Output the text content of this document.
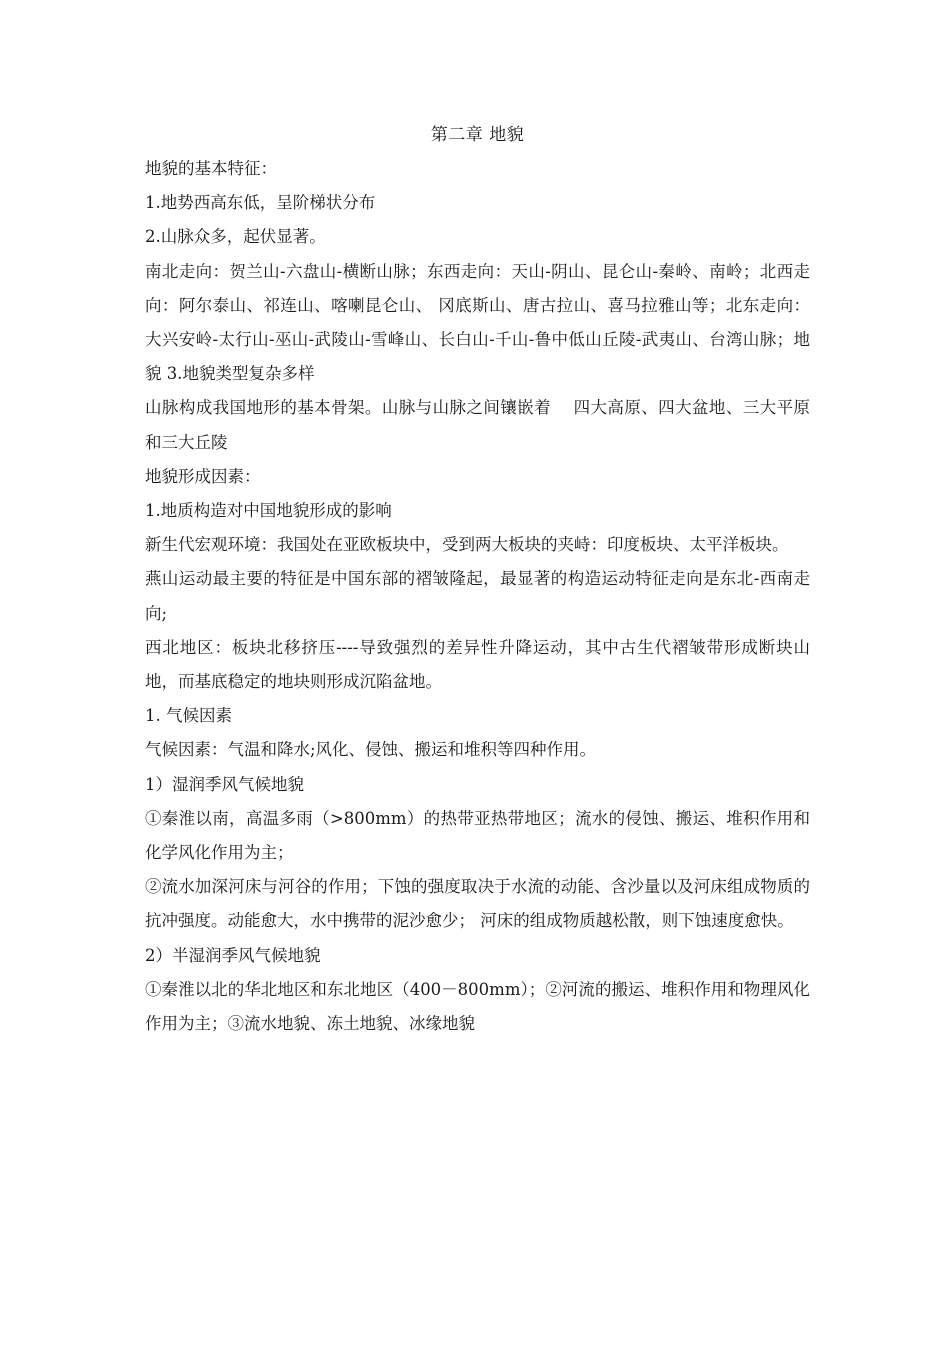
第二章 地貌

地貌的基本特征：

1.地势西高东低，呈阶梯状分布

2.山脉众多，起伏显著。

南北走向：贺兰山-六盘山-横断山脉；东西走向：天山-阴山、昆仑山-秦岭、南岭；北西走向：阿尔泰山、祁连山、喀喇昆仑山、 冈底斯山、唐古拉山、喜马拉雅山等；北东走向：大兴安岭-太行山-巫山-武陵山-雪峰山、长白山-千山-鲁中低山丘陵-武夷山、台湾山脉；地貌 3.地貌类型复杂多样

山脉构成我国地形的基本骨架。山脉与山脉之间镶嵌着　 四大高原、四大盆地、三大平原和三大丘陵

地貌形成因素：

1.地质构造对中国地貌形成的影响

新生代宏观环境：我国处在亚欧板块中，受到两大板块的夹峙：印度板块、太平洋板块。

燕山运动最主要的特征是中国东部的褶皱隆起，最显著的构造运动特征走向是东北-西南走向;

西北地区：板块北移挤压----导致强烈的差异性升降运动，其中古生代褶皱带形成断块山地，而基底稳定的地块则形成沉陷盆地。

1. 气候因素

气候因素：气温和降水;风化、侵蚀、搬运和堆积等四种作用。

1）湿润季风气候地貌

①秦淮以南，高温多雨（>800mm）的热带亚热带地区；流水的侵蚀、搬运、堆积作用和化学风化作用为主；

②流水加深河床与河谷的作用；下蚀的强度取决于水流的动能、含沙量以及河床组成物质的抗冲强度。动能愈大，水中携带的泥沙愈少； 河床的组成物质越松散，则下蚀速度愈快。

2）半湿润季风气候地貌

①秦淮以北的华北地区和东北地区（400－800mm）；②河流的搬运、堆积作用和物理风化作用为主；③流水地貌、冻土地貌、冰缘地貌
